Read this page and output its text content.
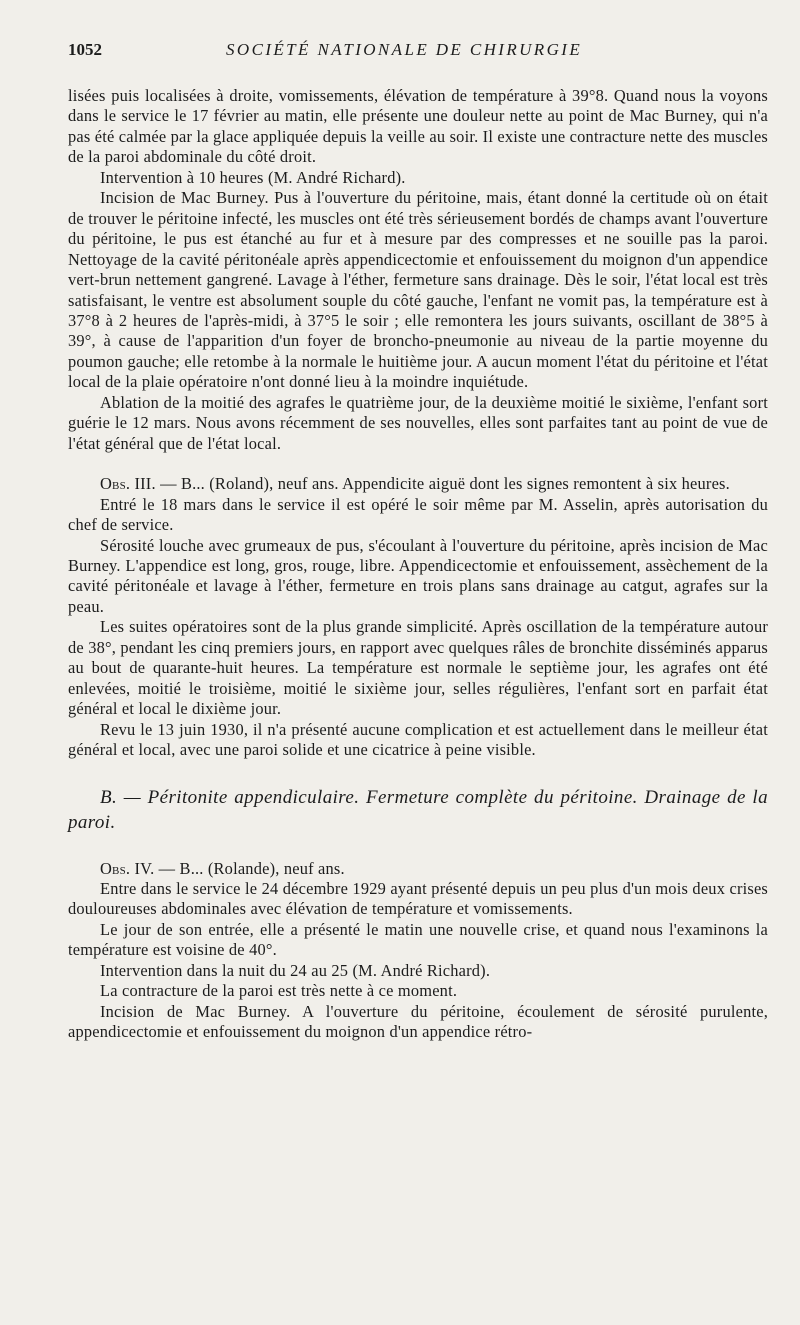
1052	SOCIÉTÉ NATIONALE DE CHIRURGIE

lisées puis localisées à droite, vomissements, élévation de température à 39°8. Quand nous la voyons dans le service le 17 février au matin, elle présente une douleur nette au point de Mac Burney, qui n'a pas été calmée par la glace appliquée depuis la veille au soir. Il existe une contracture nette des muscles de la paroi abdominale du côté droit.

Intervention à 10 heures (M. André Richard).

Incision de Mac Burney. Pus à l'ouverture du péritoine, mais, étant donné la certitude où on était de trouver le péritoine infecté, les muscles ont été très sérieusement bordés de champs avant l'ouverture du péritoine, le pus est étanché au fur et à mesure par des compresses et ne souille pas la paroi. Nettoyage de la cavité péritonéale après appendicectomie et enfouissement du moignon d'un appendice vert-brun nettement gangrené. Lavage à l'éther, fermeture sans drainage. Dès le soir, l'état local est très satisfaisant, le ventre est absolument souple du côté gauche, l'enfant ne vomit pas, la température est à 37°8 à 2 heures de l'après-midi, à 37°5 le soir ; elle remontera les jours suivants, oscillant de 38°5 à 39°, à cause de l'apparition d'un foyer de broncho-pneumonie au niveau de la partie moyenne du poumon gauche; elle retombe à la normale le huitième jour. A aucun moment l'état du péritoine et l'état local de la plaie opératoire n'ont donné lieu à la moindre inquiétude.

Ablation de la moitié des agrafes le quatrième jour, de la deuxième moitié le sixième, l'enfant sort guérie le 12 mars. Nous avons récemment de ses nouvelles, elles sont parfaites tant au point de vue de l'état général que de l'état local.

Obs. III. — B... (Roland), neuf ans. Appendicite aiguë dont les signes remontent à six heures.

Entré le 18 mars dans le service il est opéré le soir même par M. Asselin, après autorisation du chef de service.

Sérosité louche avec grumeaux de pus, s'écoulant à l'ouverture du péritoine, après incision de Mac Burney. L'appendice est long, gros, rouge, libre. Appendicectomie et enfouissement, assèchement de la cavité péritonéale et lavage à l'éther, fermeture en trois plans sans drainage au catgut, agrafes sur la peau.

Les suites opératoires sont de la plus grande simplicité. Après oscillation de la température autour de 38°, pendant les cinq premiers jours, en rapport avec quelques râles de bronchite disséminés apparus au bout de quarante-huit heures. La température est normale le septième jour, les agrafes ont été enlevées, moitié le troisième, moitié le sixième jour, selles régulières, l'enfant sort en parfait état général et local le dixième jour.

Revu le 13 juin 1930, il n'a présenté aucune complication et est actuellement dans le meilleur état général et local, avec une paroi solide et une cicatrice à peine visible.

B. — Péritonite appendiculaire. Fermeture complète du péritoine. Drainage de la paroi.

Obs. IV. — B... (Rolande), neuf ans.

Entre dans le service le 24 décembre 1929 ayant présenté depuis un peu plus d'un mois deux crises douloureuses abdominales avec élévation de température et vomissements.

Le jour de son entrée, elle a présenté le matin une nouvelle crise, et quand nous l'examinons la température est voisine de 40°.

Intervention dans la nuit du 24 au 25 (M. André Richard).

La contracture de la paroi est très nette à ce moment.

Incision de Mac Burney. A l'ouverture du péritoine, écoulement de sérosité purulente, appendicectomie et enfouissement du moignon d'un appendice rétro-
